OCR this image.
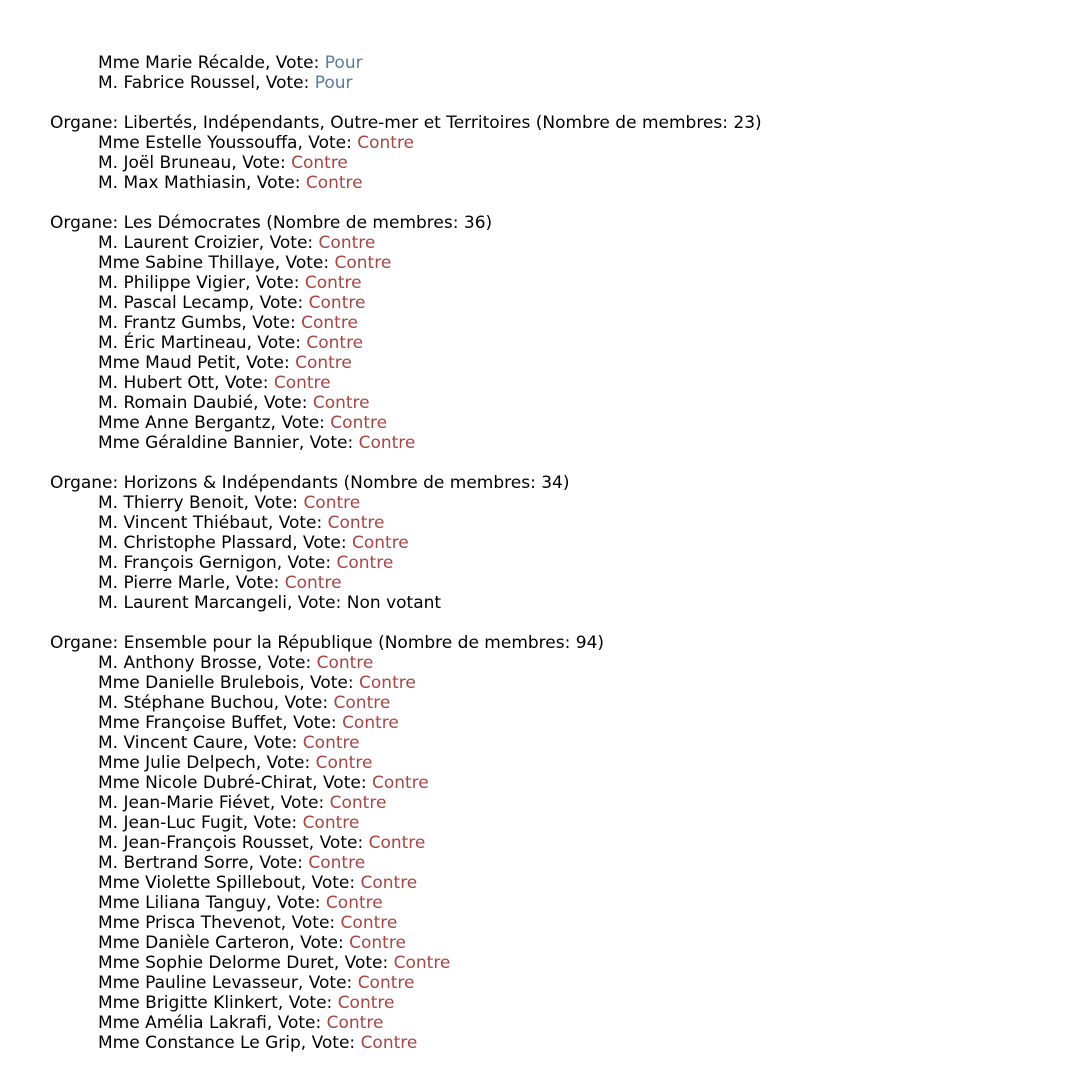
Mme Marie Récalde, Vote: Pour
M. Fabrice Roussel, Vote: Pour
Organe: Libertés, Indépendants, Outre-mer et Territoires (Nombre de membres: 23)
Mme Estelle Youssouffa, Vote: Contre
M. Joël Bruneau, Vote: Contre
M. Max Mathiasin, Vote: Contre
Organe: Les Démocrates (Nombre de membres: 36)
M. Laurent Croizier, Vote: Contre
Mme Sabine Thillaye, Vote: Contre
M. Philippe Vigier, Vote: Contre
M. Pascal Lecamp, Vote: Contre
M. Frantz Gumbs, Vote: Contre
M. Éric Martineau, Vote: Contre
Mme Maud Petit, Vote: Contre
M. Hubert Ott, Vote: Contre
M. Romain Daubié, Vote: Contre
Mme Anne Bergantz, Vote: Contre
Mme Géraldine Bannier, Vote: Contre
Organe: Horizons & Indépendants (Nombre de membres: 34)
M. Thierry Benoit, Vote: Contre
M. Vincent Thiébaut, Vote: Contre
M. Christophe Plassard, Vote: Contre
M. François Gernigon, Vote: Contre
M. Pierre Marle, Vote: Contre
M. Laurent Marcangeli, Vote: Non votant
Organe: Ensemble pour la République (Nombre de membres: 94)
M. Anthony Brosse, Vote: Contre
Mme Danielle Brulebois, Vote: Contre
M. Stéphane Buchou, Vote: Contre
Mme Françoise Buffet, Vote: Contre
M. Vincent Caure, Vote: Contre
Mme Julie Delpech, Vote: Contre
Mme Nicole Dubré-Chirat, Vote: Contre
M. Jean-Marie Fiévet, Vote: Contre
M. Jean-Luc Fugit, Vote: Contre
M. Jean-François Rousset, Vote: Contre
M. Bertrand Sorre, Vote: Contre
Mme Violette Spillebout, Vote: Contre
Mme Liliana Tanguy, Vote: Contre
Mme Prisca Thevenot, Vote: Contre
Mme Danièle Carteron, Vote: Contre
Mme Sophie Delorme Duret, Vote: Contre
Mme Pauline Levasseur, Vote: Contre
Mme Brigitte Klinkert, Vote: Contre
Mme Amélia Lakrafi, Vote: Contre
Mme Constance Le Grip, Vote: Contre
